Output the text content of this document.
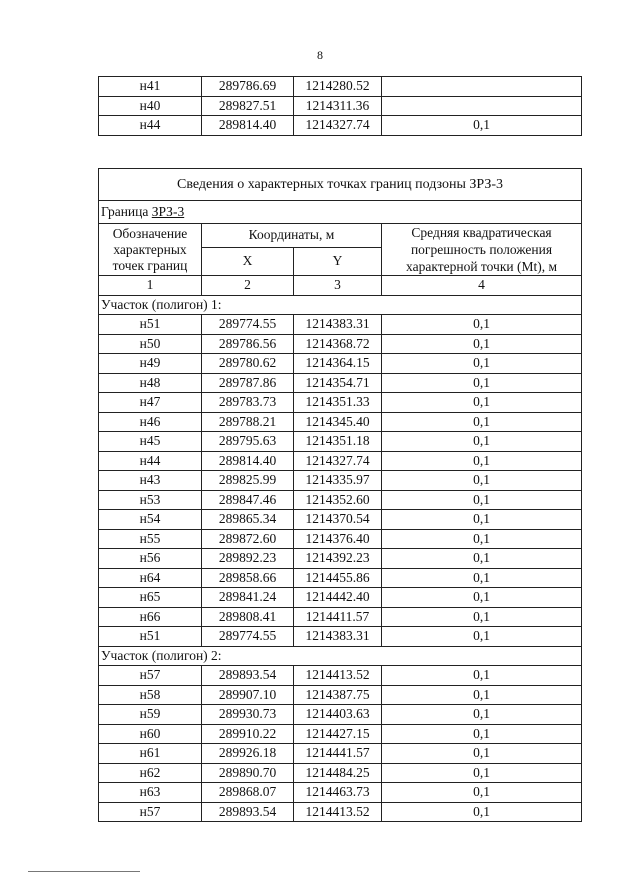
8
н41	289786.69	1214280.52	
н40	289827.51	1214311.36	
н44	289814.40	1214327.74	0,1
Сведения о характерных точках границ подзоны ЗРЗ-3			
Граница ЗРЗ-3			
Обозначение характерных точек границ	Координаты, м		Средняя квадратическая погрешность положения характерной точки (Mt), м
	X	Y	
1	2	3	4
Участок (полигон) 1:			
н51	289774.55	1214383.31	0,1
н50	289786.56	1214368.72	0,1
н49	289780.62	1214364.15	0,1
н48	289787.86	1214354.71	0,1
н47	289783.73	1214351.33	0,1
н46	289788.21	1214345.40	0,1
н45	289795.63	1214351.18	0,1
н44	289814.40	1214327.74	0,1
н43	289825.99	1214335.97	0,1
н53	289847.46	1214352.60	0,1
н54	289865.34	1214370.54	0,1
н55	289872.60	1214376.40	0,1
н56	289892.23	1214392.23	0,1
н64	289858.66	1214455.86	0,1
н65	289841.24	1214442.40	0,1
н66	289808.41	1214411.57	0,1
н51	289774.55	1214383.31	0,1
Участок (полигон) 2:			
н57	289893.54	1214413.52	0,1
н58	289907.10	1214387.75	0,1
н59	289930.73	1214403.63	0,1
н60	289910.22	1214427.15	0,1
н61	289926.18	1214441.57	0,1
н62	289890.70	1214484.25	0,1
н63	289868.07	1214463.73	0,1
н57	289893.54	1214413.52	0,1
